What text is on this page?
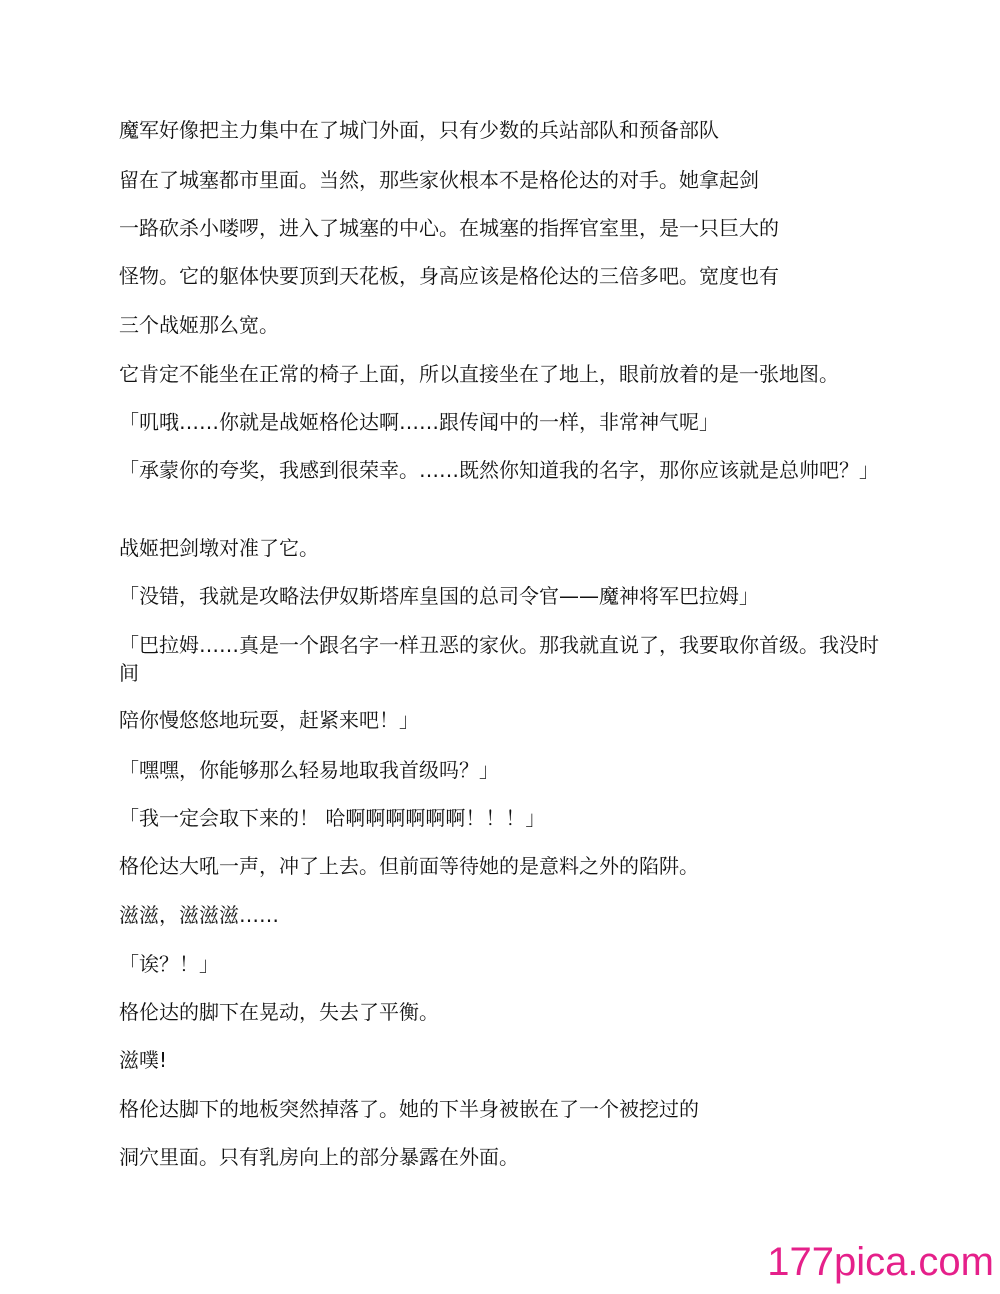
魔军好像把主力集中在了城门外面，只有少数的兵站部队和预备部队

留在了城塞都市里面。当然，那些家伙根本不是格伦达的对手。她拿起剑

一路砍杀小喽啰，进入了城塞的中心。在城塞的指挥官室里，是一只巨大的

怪物。它的躯体快要顶到天花板，身高应该是格伦达的三倍多吧。宽度也有

三个战姬那么宽。

它肯定不能坐在正常的椅子上面，所以直接坐在了地上，眼前放着的是一张地图。

「叽哦……你就是战姬格伦达啊……跟传闻中的一样，非常神气呢」

「承蒙你的夸奖，我感到很荣幸。……既然你知道我的名字，那你应该就是总帅吧？」

战姬把剑墩对准了它。

「没错，我就是攻略法伊奴斯塔库皇国的总司令官——魔神将军巴拉姆」

「巴拉姆……真是一个跟名字一样丑恶的家伙。那我就直说了，我要取你首级。我没时间

陪你慢悠悠地玩耍，赶紧来吧！」

「嘿嘿，你能够那么轻易地取我首级吗？」

「我一定会取下来的！ 哈啊啊啊啊啊啊！！！」

格伦达大吼一声，冲了上去。但前面等待她的是意料之外的陷阱。

滋滋，滋滋滋……

「诶？！」

格伦达的脚下在晃动，失去了平衡。

滋噗!

格伦达脚下的地板突然掉落了。她的下半身被嵌在了一个被挖过的

洞穴里面。只有乳房向上的部分暴露在外面。

177pica.com
